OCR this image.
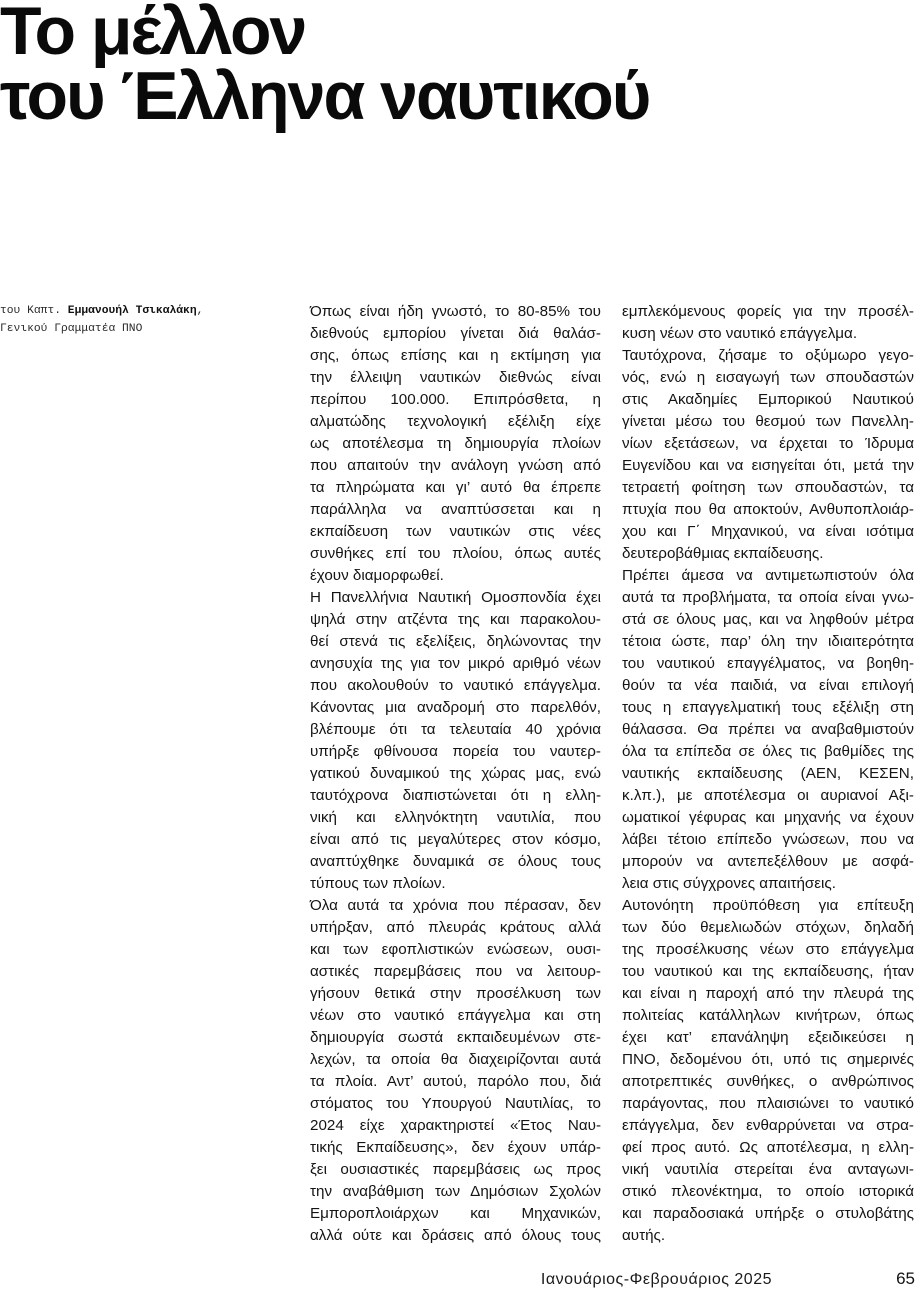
Το μέλλον
του Έλληνα ναυτικού
του Καπτ. Εμμανουήλ Τσικαλάκη,
Γενικού Γραμματέα ΠΝΟ
Όπως είναι ήδη γνωστό, το 80-85% του
διεθνούς εμπορίου γίνεται διά θαλάσ-
σης, όπως επίσης και η εκτίμηση για
την έλλειψη ναυτικών διεθνώς είναι
περίπου 100.000. Επιπρόσθετα, η
αλματώδης τεχνολογική εξέλιξη είχε
ως αποτέλεσμα τη δημιουργία πλοίων
που απαιτούν την ανάλογη γνώση από
τα πληρώματα και γι’ αυτό θα έπρεπε
παράλληλα να αναπτύσσεται και η
εκπαίδευση των ναυτικών στις νέες
συνθήκες επί του πλοίου, όπως αυτές
έχουν διαμορφωθεί.
Η Πανελλήνια Ναυτική Ομοσπονδία έχει
ψηλά στην ατζέντα της και παρακολου-
θεί στενά τις εξελίξεις, δηλώνοντας την
ανησυχία της για τον μικρό αριθμό νέων
που ακολουθούν το ναυτικό επάγγελμα.
Κάνοντας μια αναδρομή στο παρελθόν,
βλέπουμε ότι τα τελευταία 40 χρόνια
υπήρξε φθίνουσα πορεία του ναυτερ-
γατικού δυναμικού της χώρας μας, ενώ
ταυτόχρονα διαπιστώνεται ότι η ελλη-
νική και ελληνόκτητη ναυτιλία, που
είναι από τις μεγαλύτερες στον κόσμο,
αναπτύχθηκε δυναμικά σε όλους τους
τύπους των πλοίων.
Όλα αυτά τα χρόνια που πέρασαν, δεν
υπήρξαν, από πλευράς κράτους αλλά
και των εφοπλιστικών ενώσεων, ουσι-
αστικές παρεμβάσεις που να λειτουρ-
γήσουν θετικά στην προσέλκυση των
νέων στο ναυτικό επάγγελμα και στη
δημιουργία σωστά εκπαιδευμένων στε-
λεχών, τα οποία θα διαχειρίζονται αυτά
τα πλοία. Αντ’ αυτού, παρόλο που, διά
στόματος του Υπουργού Ναυτιλίας, το
2024 είχε χαρακτηριστεί «Έτος Ναυ-
τικής Εκπαίδευσης», δεν έχουν υπάρ-
ξει ουσιαστικές παρεμβάσεις ως προς
την αναβάθμιση των Δημόσιων Σχολών
Εμποροπλοιάρχων και Μηχανικών,
αλλά ούτε και δράσεις από όλους τους
εμπλεκόμενους φορείς για την προσέλ-
κυση νέων στο ναυτικό επάγγελμα.
Ταυτόχρονα, ζήσαμε το οξύμωρο γεγο-
νός, ενώ η εισαγωγή των σπουδαστών
στις Ακαδημίες Εμπορικού Ναυτικού
γίνεται μέσω του θεσμού των Πανελλη-
νίων εξετάσεων, να έρχεται το Ίδρυμα
Ευγενίδου και να εισηγείται ότι, μετά την
τετραετή φοίτηση των σπουδαστών, τα
πτυχία που θα αποκτούν, Ανθυποπλοιάρ-
χου και Γ΄ Μηχανικού, να είναι ισότιμα
δευτεροβάθμιας εκπαίδευσης.
Πρέπει άμεσα να αντιμετωπιστούν όλα
αυτά τα προβλήματα, τα οποία είναι γνω-
στά σε όλους μας, και να ληφθούν μέτρα
τέτοια ώστε, παρ’ όλη την ιδιαιτερότητα
του ναυτικού επαγγέλματος, να βοηθη-
θούν τα νέα παιδιά, να είναι επιλογή
τους η επαγγελματική τους εξέλιξη στη
θάλασσα. Θα πρέπει να αναβαθμιστούν
όλα τα επίπεδα σε όλες τις βαθμίδες της
ναυτικής εκπαίδευσης (ΑΕΝ, ΚΕΣΕΝ,
κ.λπ.), με αποτέλεσμα οι αυριανοί Αξι-
ωματικοί γέφυρας και μηχανής να έχουν
λάβει τέτοιο επίπεδο γνώσεων, που να
μπορούν να αντεπεξέλθουν με ασφά-
λεια στις σύγχρονες απαιτήσεις.
Αυτονόητη προϋπόθεση για επίτευξη
των δύο θεμελιωδών στόχων, δηλαδή
της προσέλκυσης νέων στο επάγγελμα
του ναυτικού και της εκπαίδευσης, ήταν
και είναι η παροχή από την πλευρά της
πολιτείας κατάλληλων κινήτρων, όπως
έχει κατ’ επανάληψη εξειδικεύσει η
ΠΝΟ, δεδομένου ότι, υπό τις σημερινές
αποτρεπτικές συνθήκες, ο ανθρώπινος
παράγοντας, που πλαισιώνει το ναυτικό
επάγγελμα, δεν ενθαρρύνεται να στρα-
φεί προς αυτό. Ως αποτέλεσμα, η ελλη-
νική ναυτιλία στερείται ένα ανταγωνι-
στικό πλεονέκτημα, το οποίο ιστορικά
και παραδοσιακά υπήρξε ο στυλοβάτης
αυτής.
Ιανουάριος-Φεβρουάριος 2025	65
